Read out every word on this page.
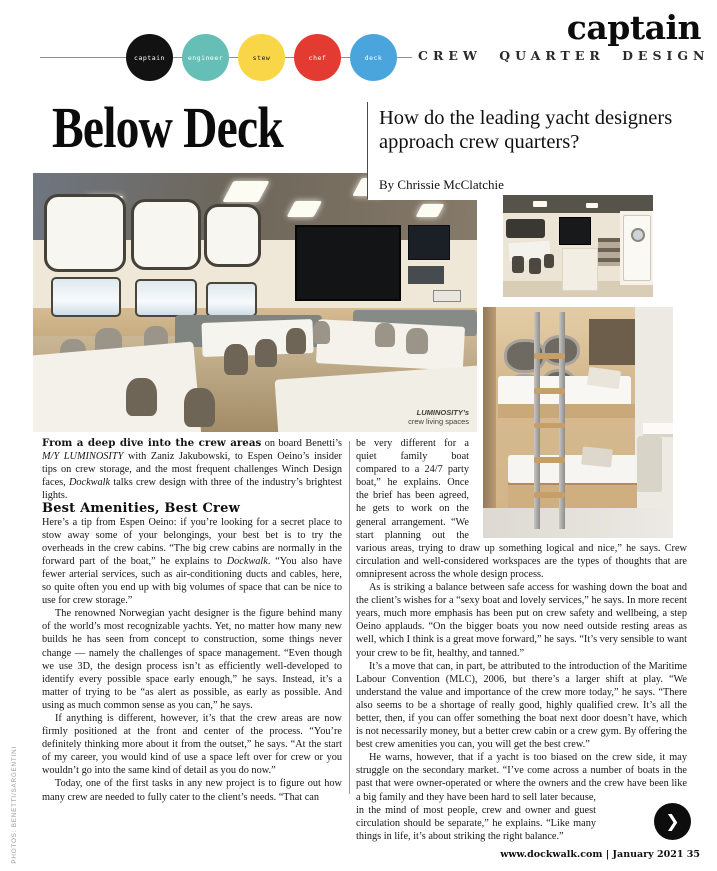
captain	engineer	stew	chef	deck	CREW QUARTER DESIGN
captain
LUMINOSITY’s
crew living spaces
Below Deck	How do the leading yacht designers approach crew quarters?
By Chrissie McClatchie

From a deep dive into the crew areas on board Benetti’s M/Y LUMINOSITY with Zaniz Jakubowski, to Espen Oeino’s insider tips on crew storage, and the most frequent challenges Winch Design faces, Dockwalk talks crew design with three of the industry’s brightest lights.

Best Amenities, Best Crew

Here’s a tip from Espen Oeino: if you’re looking for a secret place to stow away some of your belongings, your best bet is to try the overheads in the crew cabins. “The big crew cabins are normally in the forward part of the boat,” he explains to Dockwalk. “You also have fewer arterial services, such as air-conditioning ducts and cables, here, so quite often you end up with big volumes of space that can be nice to use for crew storage.”

The renowned Norwegian yacht designer is the figure behind many of the world’s most recognizable yachts. Yet, no matter how many new builds he has seen from concept to construction, some things never change — namely the challenges of space management. “Even though we use 3D, the design process isn’t as efficiently well-developed to identify every possible space early enough,” he says. Instead, it’s a matter of trying to be “as alert as possible, as early as possible. And using as much common sense as you can,” he says.

If anything is different, however, it’s that the crew areas are now firmly positioned at the front and center of the process. “You’re definitely thinking more about it from the outset,” he says. “At the start of my career, you would kind of use a space left over for crew or you wouldn’t go into the same kind of detail as you do now.”

Today, one of the first tasks in any new project is to figure out how many crew are needed to fully cater to the client’s needs. “That can

be very different for a quiet family boat compared to a 24/7 party boat,” he explains. Once the brief has been agreed, he gets to work on the general arrangement. “We start planning out the various areas, trying to draw up something logical and nice,” he says. Crew circulation and well-considered workspaces are the types of thoughts that are omnipresent across the whole design process.

As is striking a balance between safe access for washing down the boat and the client’s wishes for a “sexy boat and lovely services,” he says. In more recent years, much more emphasis has been put on crew safety and wellbeing, a step Oeino applauds. “On the bigger boats you now need outside resting areas as well, which I think is a great move forward,” he says. “It’s very sensible to want your crew to be fit, healthy, and tanned.”

It’s a move that can, in part, be attributed to the introduction of the Maritime Labour Convention (MLC), 2006, but there’s a larger shift at play. “We understand the value and importance of the crew more today,” he says. “There also seems to be a shortage of really good, highly qualified crew. It’s all the better, then, if you can offer something the boat next door doesn’t have, which is not necessarily money, but a better crew cabin or a crew gym. By offering the best crew amenities you can, you will get the best crew.”

He warns, however, that if a yacht is too biased on the crew side, it may struggle on the secondary market. “I’ve come across a number of boats in the past that were owner-operated or where the owners and the crew have been like a big family and they have
been hard to sell later because, in the mind of most people, crew and owner and guest circulation should be separate,” he explains. “Like many things in life, it’s about striking the right balance.”

❯
www.dockwalk.com | January 2021 35
PHOTOS: BENETTI/SARGENTINI
